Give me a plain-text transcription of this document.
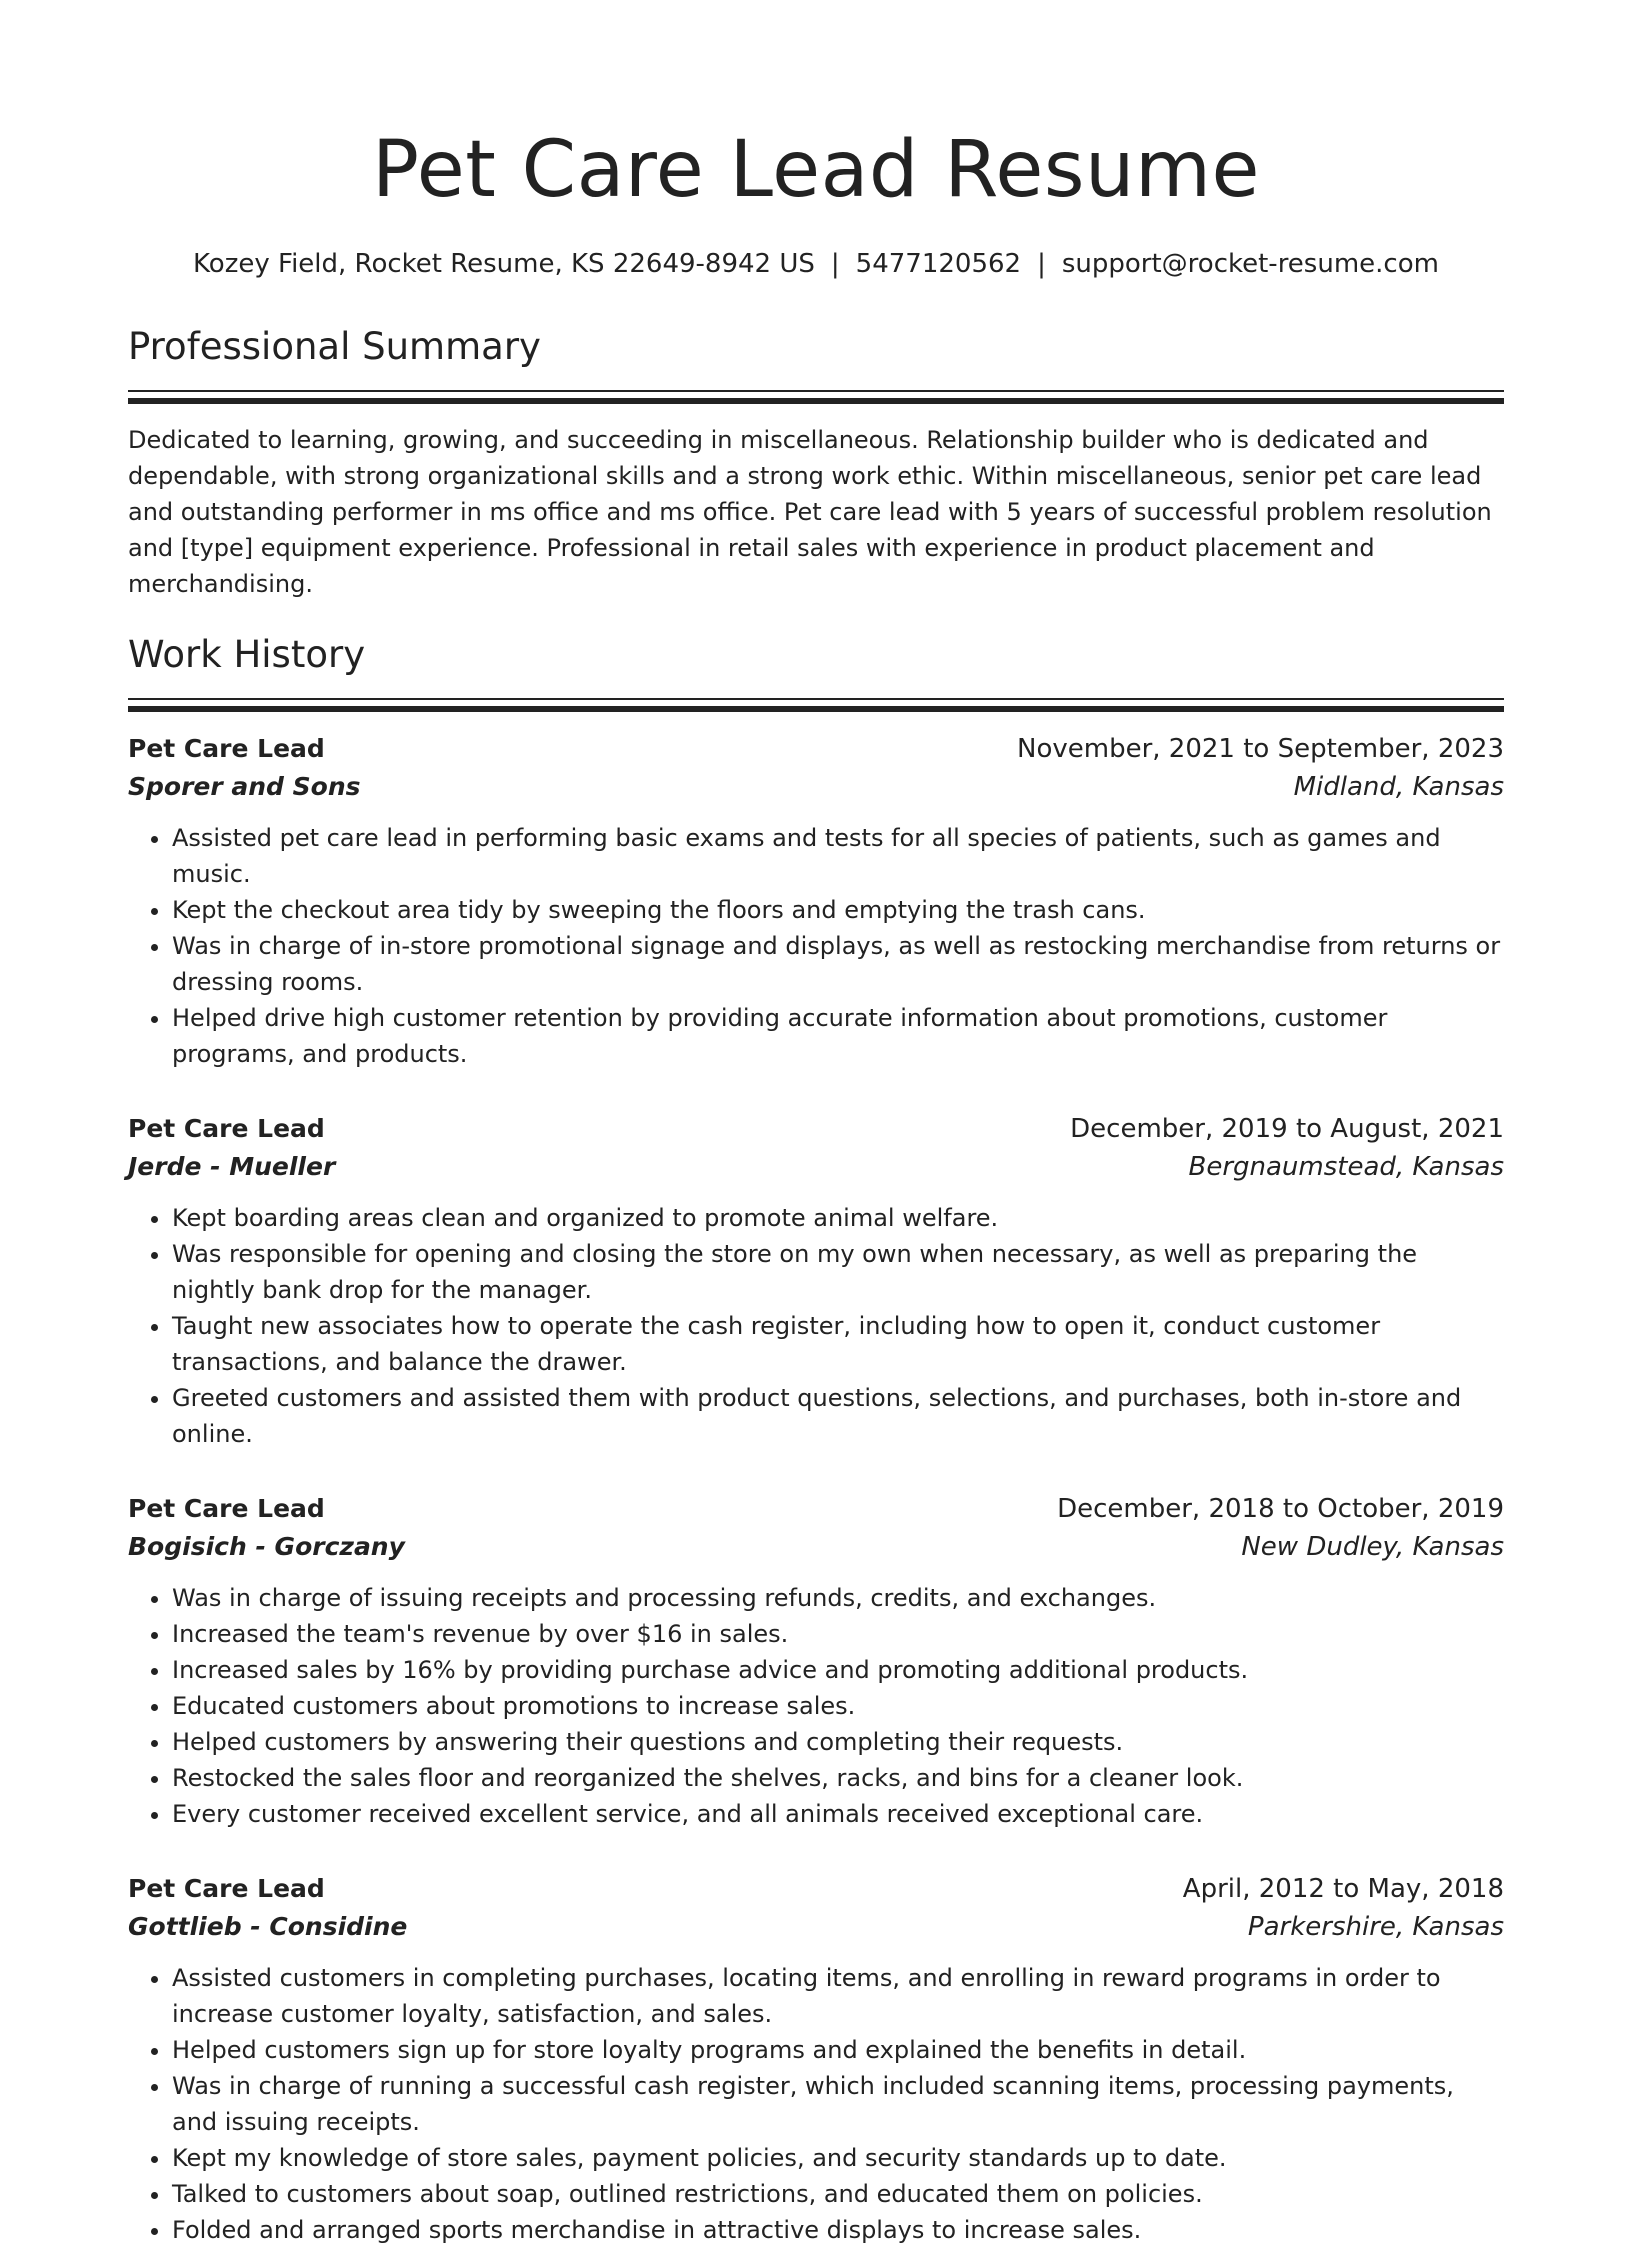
Pet Care Lead Resume
Kozey Field, Rocket Resume, KS 22649-8942 US | 5477120562 | support@rocket-resume.com
Professional Summary

Dedicated to learning, growing, and succeeding in miscellaneous. Relationship builder who is dedicated and dependable, with strong organizational skills and a strong work ethic. Within miscellaneous, senior pet care lead and outstanding performer in ms office and ms office. Pet care lead with 5 years of successful problem resolution and [type] equipment experience. Professional in retail sales with experience in product placement and merchandising.

Work History
Pet Care Lead	November, 2021 to September, 2023
Sporer and Sons	Midland, Kansas
• Assisted pet care lead in performing basic exams and tests for all species of patients, such as games and music.
• Kept the checkout area tidy by sweeping the floors and emptying the trash cans.
• Was in charge of in-store promotional signage and displays, as well as restocking merchandise from returns or dressing rooms.
• Helped drive high customer retention by providing accurate information about promotions, customer programs, and products.
Pet Care Lead	December, 2019 to August, 2021
Jerde - Mueller	Bergnaumstead, Kansas
• Kept boarding areas clean and organized to promote animal welfare.
• Was responsible for opening and closing the store on my own when necessary, as well as preparing the nightly bank drop for the manager.
• Taught new associates how to operate the cash register, including how to open it, conduct customer transactions, and balance the drawer.
• Greeted customers and assisted them with product questions, selections, and purchases, both in-store and online.
Pet Care Lead	December, 2018 to October, 2019
Bogisich - Gorczany	New Dudley, Kansas
• Was in charge of issuing receipts and processing refunds, credits, and exchanges.
• Increased the team's revenue by over $16 in sales.
• Increased sales by 16% by providing purchase advice and promoting additional products.
• Educated customers about promotions to increase sales.
• Helped customers by answering their questions and completing their requests.
• Restocked the sales floor and reorganized the shelves, racks, and bins for a cleaner look.
• Every customer received excellent service, and all animals received exceptional care.
Pet Care Lead	April, 2012 to May, 2018
Gottlieb - Considine	Parkershire, Kansas
• Assisted customers in completing purchases, locating items, and enrolling in reward programs in order to increase customer loyalty, satisfaction, and sales.
• Helped customers sign up for store loyalty programs and explained the benefits in detail.
• Was in charge of running a successful cash register, which included scanning items, processing payments, and issuing receipts.
• Kept my knowledge of store sales, payment policies, and security standards up to date.
• Talked to customers about soap, outlined restrictions, and educated them on policies.
• Folded and arranged sports merchandise in attractive displays to increase sales.
